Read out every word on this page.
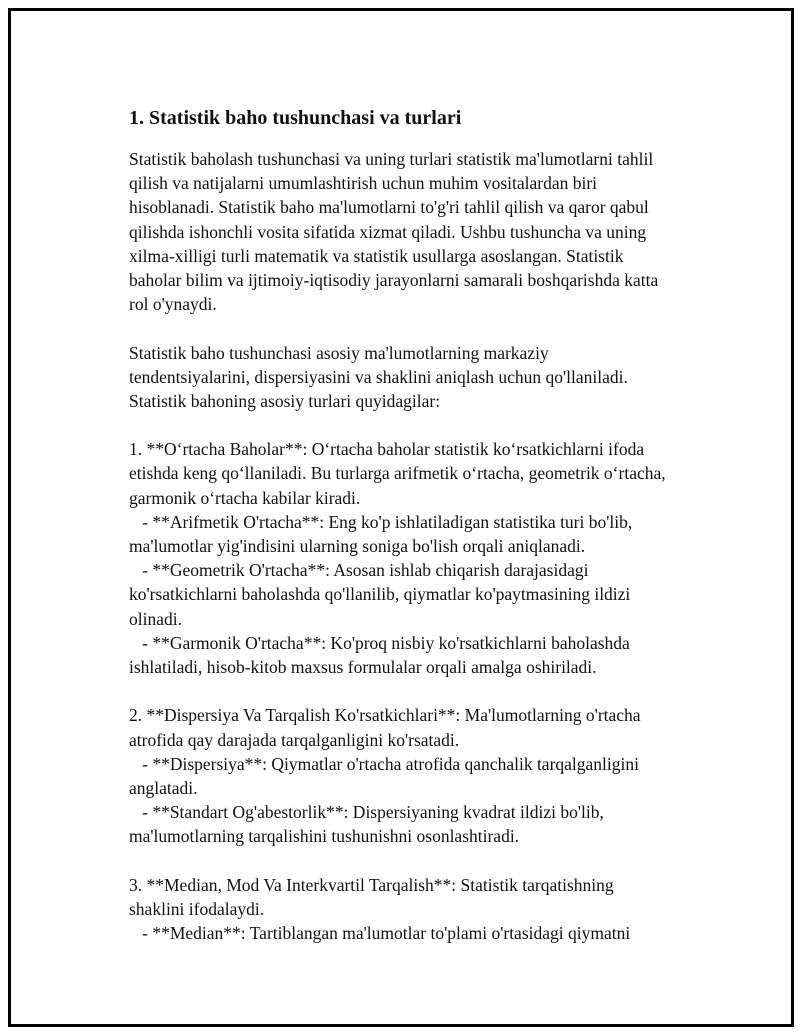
1. Statistik baho tushunchasi va turlari
Statistik baholash tushunchasi va uning turlari statistik ma'lumotlarni tahlil
qilish va natijalarni umumlashtirish uchun muhim vositalardan biri
hisoblanadi. Statistik baho ma'lumotlarni to'g'ri tahlil qilish va qaror qabul
qilishda ishonchli vosita sifatida xizmat qiladi. Ushbu tushuncha va uning
xilma-xilligi turli matematik va statistik usullarga asoslangan. Statistik
baholar bilim va ijtimoiy-iqtisodiy jarayonlarni samarali boshqarishda katta
rol o'ynaydi.
Statistik baho tushunchasi asosiy ma'lumotlarning markaziy
tendentsiyalarini, dispersiyasini va shaklini aniqlash uchun qo'llaniladi.
Statistik bahoning asosiy turlari quyidagilar:
1. **O‘rtacha Baholar**: O‘rtacha baholar statistik ko‘rsatkichlarni ifoda
etishda keng qo‘llaniladi. Bu turlarga arifmetik o‘rtacha, geometrik o‘rtacha,
garmonik o‘rtacha kabilar kiradi.
- **Arifmetik O'rtacha**: Eng ko'p ishlatiladigan statistika turi bo'lib,
ma'lumotlar yig'indisini ularning soniga bo'lish orqali aniqlanadi.
- **Geometrik O'rtacha**: Asosan ishlab chiqarish darajasidagi
ko'rsatkichlarni baholashda qo'llanilib, qiymatlar ko'paytmasining ildizi
olinadi.
- **Garmonik O'rtacha**: Ko'proq nisbiy ko'rsatkichlarni baholashda
ishlatiladi, hisob-kitob maxsus formulalar orqali amalga oshiriladi.
2. **Dispersiya Va Tarqalish Ko'rsatkichlari**: Ma'lumotlarning o'rtacha
atrofida qay darajada tarqalganligini ko'rsatadi.
- **Dispersiya**: Qiymatlar o'rtacha atrofida qanchalik tarqalganligini
anglatadi.
- **Standart Og'abestorlik**: Dispersiyaning kvadrat ildizi bo'lib,
ma'lumotlarning tarqalishini tushunishni osonlashtiradi.
3. **Median, Mod Va Interkvartil Tarqalish**: Statistik tarqatishning
shaklini ifodalaydi.
- **Median**: Tartiblangan ma'lumotlar to'plami o'rtasidagi qiymatni
